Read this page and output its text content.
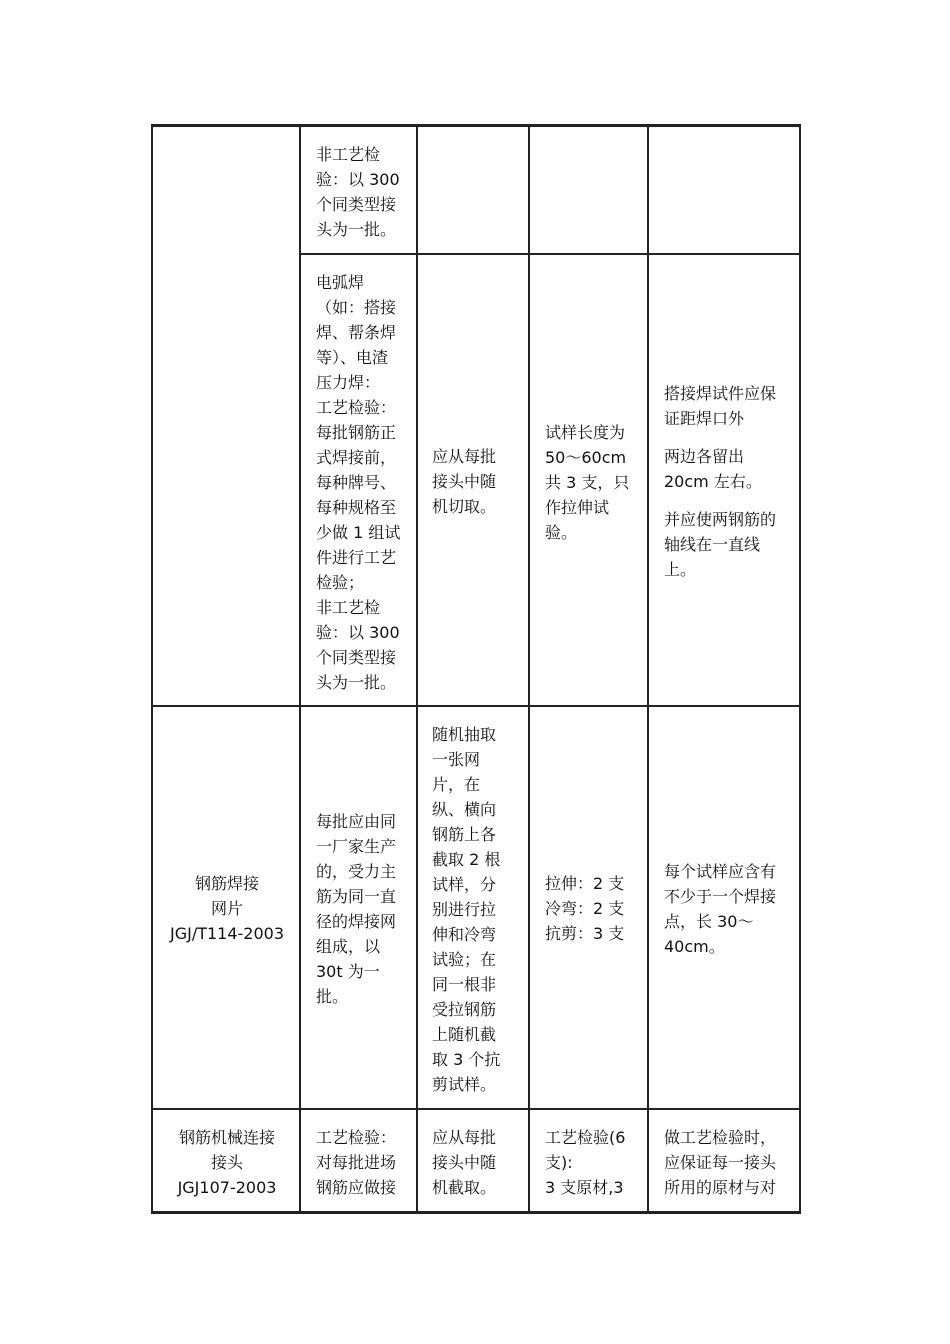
非工艺检

验：以 300

个同类型接

头为一批。

电弧焊

（如：搭接

焊、帮条焊

等）、电渣

压力焊：

工艺检验：

每批钢筋正

式焊接前，

每种牌号、

每种规格至

少做 1 组试

件进行工艺

检验；

非工艺检

验：以 300

个同类型接

头为一批。

应从每批

接头中随

机切取。

试样长度为

50～60cm

共 3 支，只

作拉伸试

验。

搭接焊试件应保

证距焊口外

两边各留出

20cm 左右。

并应使两钢筋的

轴线在一直线

上。

钢筋焊接

网片

JGJ/T114-2003

每批应由同

一厂家生产

的，受力主

筋为同一直

径的焊接网

组成，以

30t 为一

批。

随机抽取

一张网

片，在

纵、横向

钢筋上各

截取 2 根

试样，分

别进行拉

伸和冷弯

试验；在

同一根非

受拉钢筋

上随机截

取 3 个抗

剪试样。

拉伸：2 支

冷弯：2 支

抗剪：3 支

每个试样应含有

不少于一个焊接

点，长 30～

40cm。

钢筋机械连接

接头

JGJ107-2003

工艺检验：

对每批进场

钢筋应做接

应从每批

接头中随

机截取。

工艺检验(6

支):

3 支原材,3

做工艺检验时，

应保证每一接头

所用的原材与对
